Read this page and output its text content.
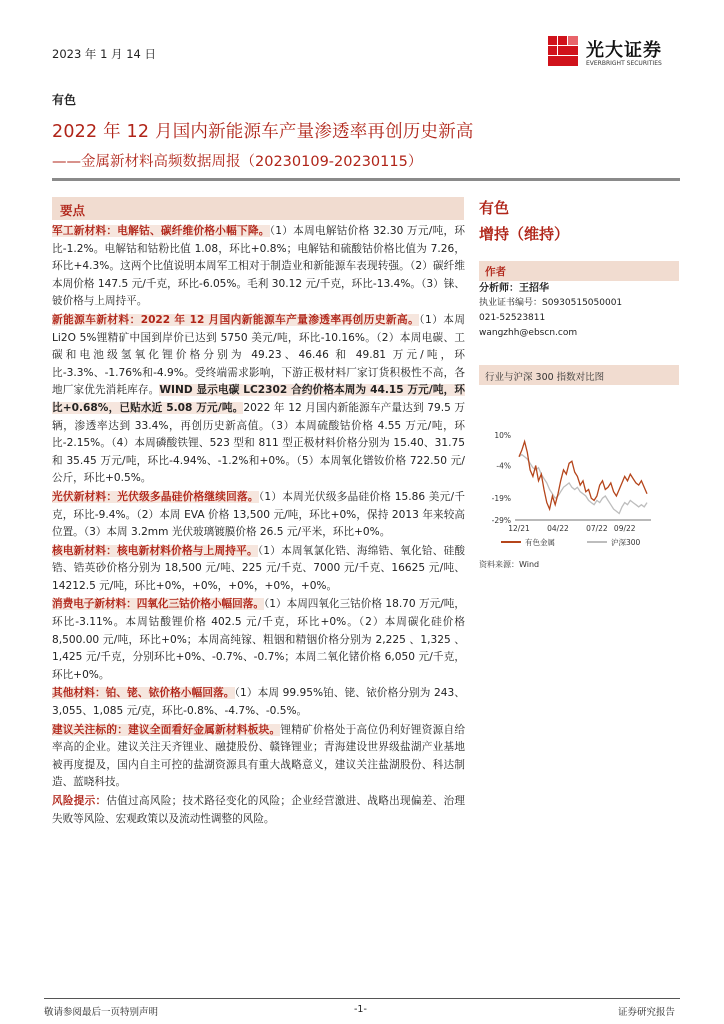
2023 年 1 月 14 日	光大证券
EVERBRIGHT SECURITIES
有色
2022 年 12 月国内新能源车产量渗透率再创历史新高
——金属新材料高频数据周报（20230109-20230115）
要点

军工新材料：电解钴、碳纤维价格小幅下降。（1）本周电解钴价格 32.30 万元/吨，环比-1.2%。电解钴和钴粉比值 1.08，环比+0.8%；电解钴和硫酸钴价格比值为 7.26，环比+4.3%。这两个比值说明本周军工相对于制造业和新能源车表现转强。（2）碳纤维本周价格 147.5 元/千克，环比-6.05%。毛利 30.12 元/千克，环比-13.4%。（3）铼、铍价格与上周持平。

新能源车新材料：2022 年 12 月国内新能源车产量渗透率再创历史新高。（1）本周 Li2O 5%锂精矿中国到岸价已达到 5750 美元/吨，环比-10.16%。（2）本周电碳、工碳和电池级氢氧化锂价格分别为 49.23、46.46 和 49.81 万元/吨，环比-3.3%、-1.76%和-4.9%。受终端需求影响，下游正极材料厂家订货积极性不高，各地厂家优先消耗库存。WIND 显示电碳 LC2302 合约价格本周为 44.15 万元/吨，环比+0.68%，已贴水近 5.08 万元/吨。2022 年 12 月国内新能源车产量达到 79.5 万辆，渗透率达到 33.4%，再创历史新高值。（3）本周硫酸钴价格 4.55 万元/吨，环比-2.15%。（4）本周磷酸铁锂、523 型和 811 型正极材料价格分别为 15.40、31.75 和 35.45 万元/吨，环比-4.94%、-1.2%和+0%。（5）本周氧化镨钕价格 722.50 元/公斤，环比+0.5%。

光伏新材料：光伏级多晶硅价格继续回落。（1）本周光伏级多晶硅价格 15.86 美元/千克，环比-9.4%。（2）本周 EVA 价格 13,500 元/吨，环比+0%，保持 2013 年来较高位置。（3）本周 3.2mm 光伏玻璃镀膜价格 26.5 元/平米，环比+0%。

核电新材料：核电新材料价格与上周持平。（1）本周氧氯化锆、海绵锆、氧化铪、硅酸锆、锆英砂价格分别为 18,500 元/吨、225 元/千克、7000 元/千克、16625 元/吨、14212.5 元/吨，环比+0%，+0%，+0%，+0%，+0%。

消费电子新材料：四氧化三钴价格小幅回落。（1）本周四氧化三钴价格 18.70 万元/吨，环比-3.11%。本周钴酸锂价格 402.5 元/千克，环比+0%。（2）本周碳化硅价格 8,500.00 元/吨，环比+0%；本周高纯镓、粗铟和精铟价格分别为 2,225 、1,325 、1,425 元/千克，分别环比+0%、-0.7%、-0.7%；本周二氧化锗价格 6,050 元/千克，环比+0%。

其他材料：铂、铑、铱价格小幅回落。（1）本周 99.95%铂、铑、铱价格分别为 243、3,055、1,085 元/克，环比-0.8%、-4.7%、-0.5%。

建议关注标的：建议全面看好金属新材料板块。锂精矿价格处于高位仍利好锂资源自给率高的企业。建议关注天齐锂业、融捷股份、赣锋锂业；青海建设世界级盐湖产业基地被再度提及，国内自主可控的盐湖资源具有重大战略意义，建议关注盐湖股份、科达制造、蓝晓科技。

风险提示：估值过高风险；技术路径变化的风险；企业经营激进、战略出现偏差、治理失败等风险、宏观政策以及流动性调整的风险。

有色
增持（维持）
作者
分析师：王招华
执业证书编号：S0930515050001
021-52523811
wangzhh@ebscn.com
行业与沪深 300 指数对比图
10%
-4%
-19%
-29%
12/21 04/22 07/22 09/22
有色金属	沪深300
资料来源：Wind
敬请参阅最后一页特别声明	-1-	证券研究报告
